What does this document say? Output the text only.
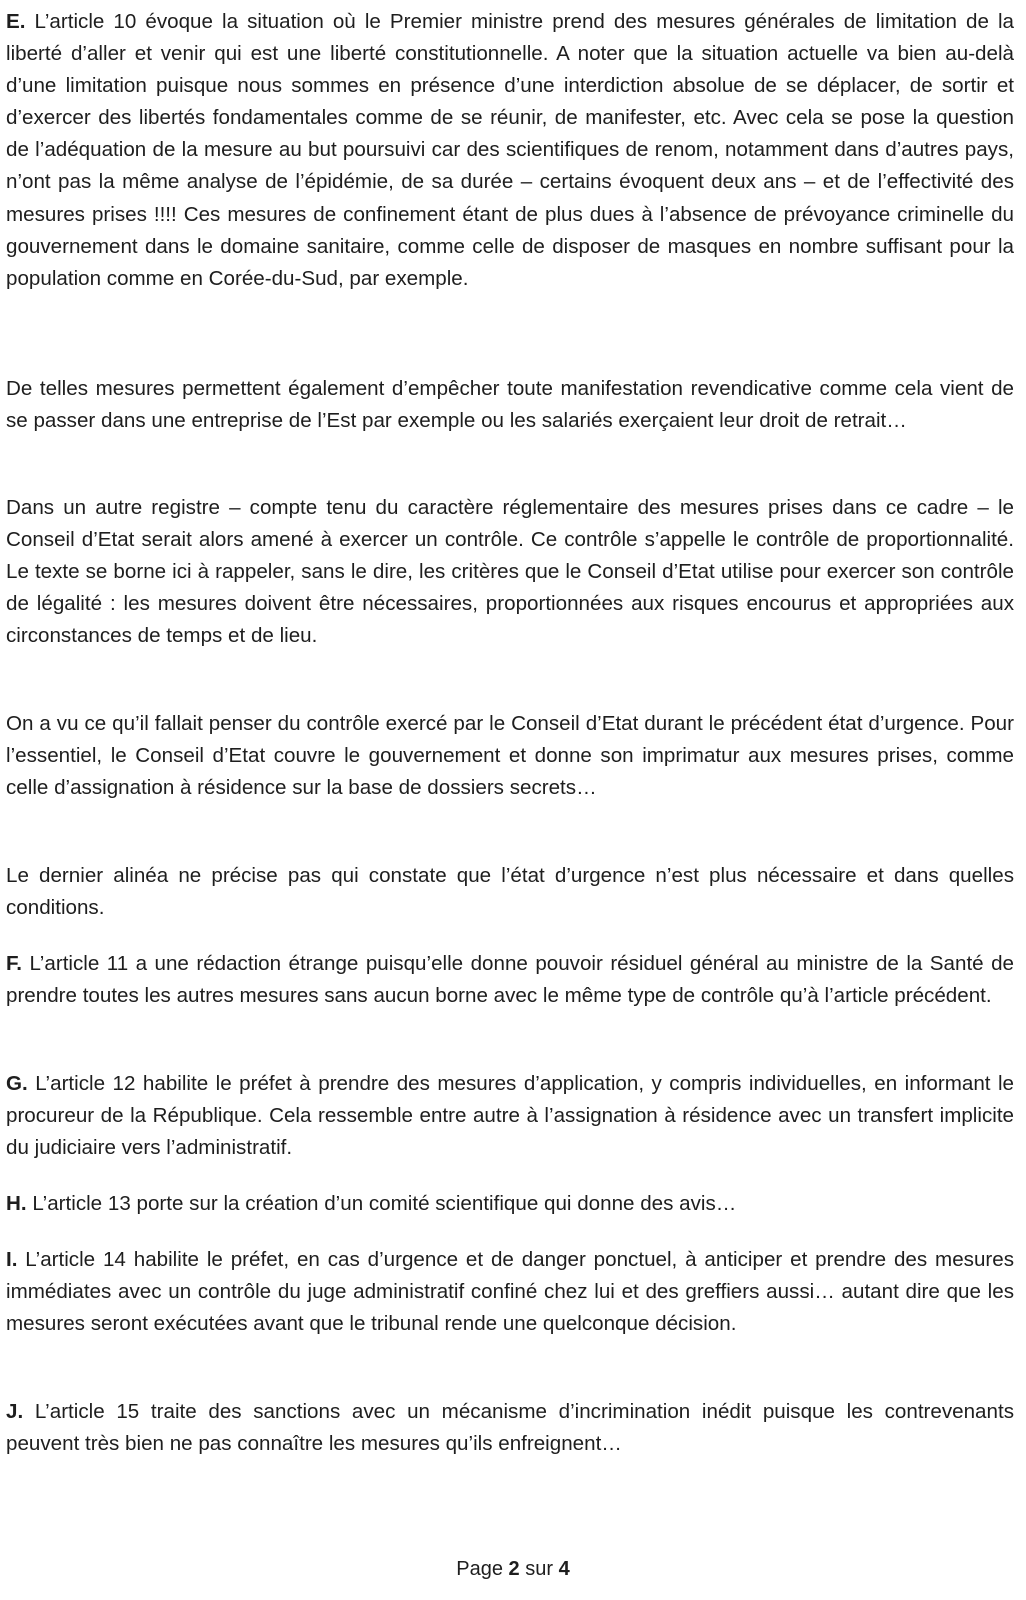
E. L’article 10 évoque la situation où le Premier ministre prend des mesures générales de limitation de la liberté d’aller et venir qui est une liberté constitutionnelle. A noter que la situation actuelle va bien au-delà d’une limitation puisque nous sommes en présence d’une interdiction absolue de se déplacer, de sortir et d’exercer des libertés fondamentales comme de se réunir, de manifester, etc. Avec cela se pose la question de l’adéquation de la mesure au but poursuivi car des scientifiques de renom, notamment dans d’autres pays, n’ont pas la même analyse de l’épidémie, de sa durée – certains évoquent deux ans – et de l’effectivité des mesures prises !!!! Ces mesures de confinement étant de plus dues à l’absence de prévoyance criminelle du gouvernement dans le domaine sanitaire, comme celle de disposer de masques en nombre suffisant pour la population comme en Corée-du-Sud, par exemple.

De telles mesures permettent également d’empêcher toute manifestation revendicative comme cela vient de se passer dans une entreprise de l’Est par exemple ou les salariés exerçaient leur droit de retrait…

Dans un autre registre – compte tenu du caractère réglementaire des mesures prises dans ce cadre – le Conseil d’Etat serait alors amené à exercer un contrôle. Ce contrôle s’appelle le contrôle de proportionnalité. Le texte se borne ici à rappeler, sans le dire, les critères que le Conseil d’Etat utilise pour exercer son contrôle de légalité : les mesures doivent être nécessaires, proportionnées aux risques encourus et appropriées aux circonstances de temps et de lieu.

On a vu ce qu’il fallait penser du contrôle exercé par le Conseil d’Etat durant le précédent état d’urgence. Pour l’essentiel, le Conseil d’Etat couvre le gouvernement et donne son imprimatur aux mesures prises, comme celle d’assignation à résidence sur la base de dossiers secrets…

Le dernier alinéa ne précise pas qui constate que l’état d’urgence n’est plus nécessaire et dans quelles conditions.

F. L’article 11 a une rédaction étrange puisqu’elle donne pouvoir résiduel général au ministre de la Santé de prendre toutes les autres mesures sans aucun borne avec le même type de contrôle qu’à l’article précédent.

G. L’article 12 habilite le préfet à prendre des mesures d’application, y compris individuelles, en informant le procureur de la République. Cela ressemble entre autre à l’assignation à résidence avec un transfert implicite du judiciaire vers l’administratif.

H. L’article 13 porte sur la création d’un comité scientifique qui donne des avis…

I. L’article 14 habilite le préfet, en cas d’urgence et de danger ponctuel, à anticiper et prendre des mesures immédiates avec un contrôle du juge administratif confiné chez lui et des greffiers aussi… autant dire que les mesures seront exécutées avant que le tribunal rende une quelconque décision.

J. L’article 15 traite des sanctions avec un mécanisme d’incrimination inédit puisque les contrevenants peuvent très bien ne pas connaître les mesures qu’ils enfreignent…

Page 2 sur 4
